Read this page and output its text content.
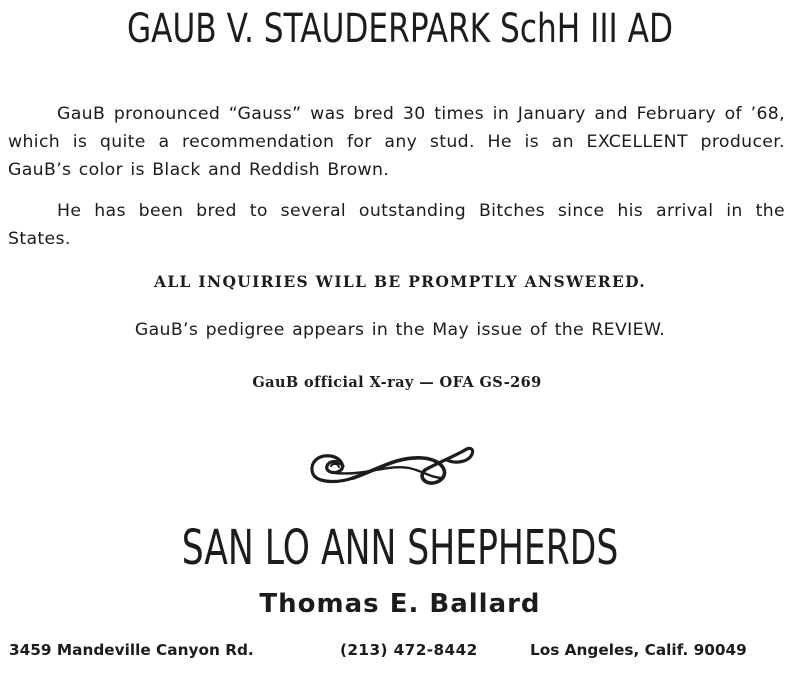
GAUB V. STAUDERPARK SchH III AD

GauB pronounced “Gauss” was bred 30 times in January and February of ’68, which is quite a recommendation for any stud. He is an EXCELLENT producer. GauB’s color is Black and Reddish Brown.

He has been bred to several outstanding Bitches since his arrival in the States.

ALL INQUIRIES WILL BE PROMPTLY ANSWERED.

GauB’s pedigree appears in the May issue of the REVIEW.

GauB official X-ray — OFA GS-269

SAN LO ANN SHEPHERDS

Thomas E. Ballard

3459 Mandeville Canyon Rd.	(213) 472-8442	Los Angeles, Calif. 90049
